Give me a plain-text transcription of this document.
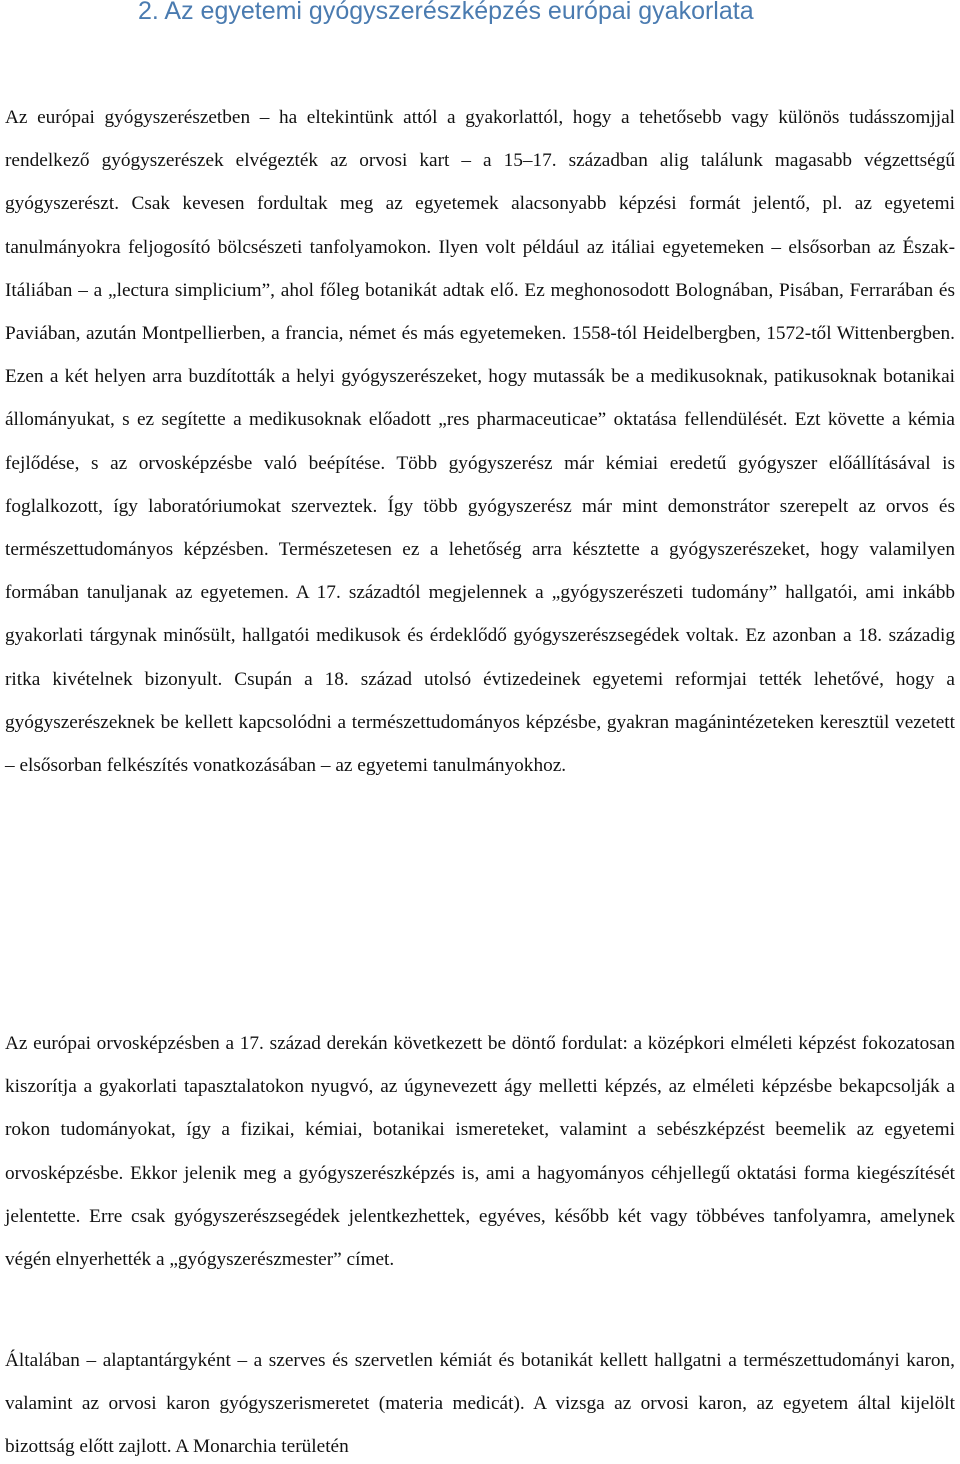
2. Az egyetemi gyógyszerészképzés európai gyakorlata

Az európai gyógyszerészetben – ha eltekintünk attól a gyakorlattól, hogy a tehetősebb vagy különös tudásszomjjal rendelkező gyógyszerészek elvégezték az orvosi kart – a 15–17. században alig találunk magasabb végzettségű gyógyszerészt. Csak kevesen fordultak meg az egyetemek alacsonyabb képzési formát jelentő, pl. az egyetemi tanulmányokra feljogosító bölcsészeti tanfolyamokon. Ilyen volt például az itáliai egyetemeken – elsősorban az Észak-Itáliában – a „lectura simplicium”, ahol főleg botanikát adtak elő. Ez meghonosodott Bolognában, Pisában, Ferrarában és Paviában, azután Montpellierben, a francia, német és más egyetemeken. 1558-tól Heidelbergben, 1572-től Wittenbergben. Ezen a két helyen arra buzdították a helyi gyógyszerészeket, hogy mutassák be a medikusoknak, patikusoknak botanikai állományukat, s ez segítette a medikusoknak előadott „res pharmaceuticae” oktatása fellendülését. Ezt követte a kémia fejlődése, s az orvosképzésbe való beépítése. Több gyógyszerész már kémiai eredetű gyógyszer előállításával is foglalkozott, így laboratóriumokat szerveztek. Így több gyógyszerész már mint demonstrátor szerepelt az orvos és természettudományos képzésben. Természetesen ez a lehetőség arra késztette a gyógyszerészeket, hogy valamilyen formában tanuljanak az egyetemen. A 17. századtól megjelennek a „gyógyszerészeti tudomány” hallgatói, ami inkább gyakorlati tárgynak minősült, hallgatói medikusok és érdeklődő gyógyszerészsegédek voltak. Ez azonban a 18. századig ritka kivételnek bizonyult. Csupán a 18. század utolsó évtizedeinek egyetemi reformjai tették lehetővé, hogy a gyógyszerészeknek be kellett kapcsolódni a természettudományos képzésbe, gyakran magánintézeteken keresztül vezetett – elsősorban felkészítés vonatkozásában – az egyetemi tanulmányokhoz.

Az európai orvosképzésben a 17. század derekán következett be döntő fordulat: a középkori elméleti képzést fokozatosan kiszorítja a gyakorlati tapasztalatokon nyugvó, az úgynevezett ágy melletti képzés, az elméleti képzésbe bekapcsolják a rokon tudományokat, így a fizikai, kémiai, botanikai ismereteket, valamint a sebészképzést beemelik az egyetemi orvosképzésbe. Ekkor jelenik meg a gyógyszerészképzés is, ami a hagyományos céhjellegű oktatási forma kiegészítését jelentette. Erre csak gyógyszerészsegédek jelentkezhettek, egyéves, később két vagy többéves tanfolyamra, amelynek végén elnyerhették a „gyógyszerészmester” címet.

Általában – alaptantárgyként – a szerves és szervetlen kémiát és botanikát kellett hallgatni a természettudományi karon, valamint az orvosi karon gyógyszerismeretet (materia medicát). A vizsga az orvosi karon, az egyetem által kijelölt bizottság előtt zajlott. A Monarchia területén
